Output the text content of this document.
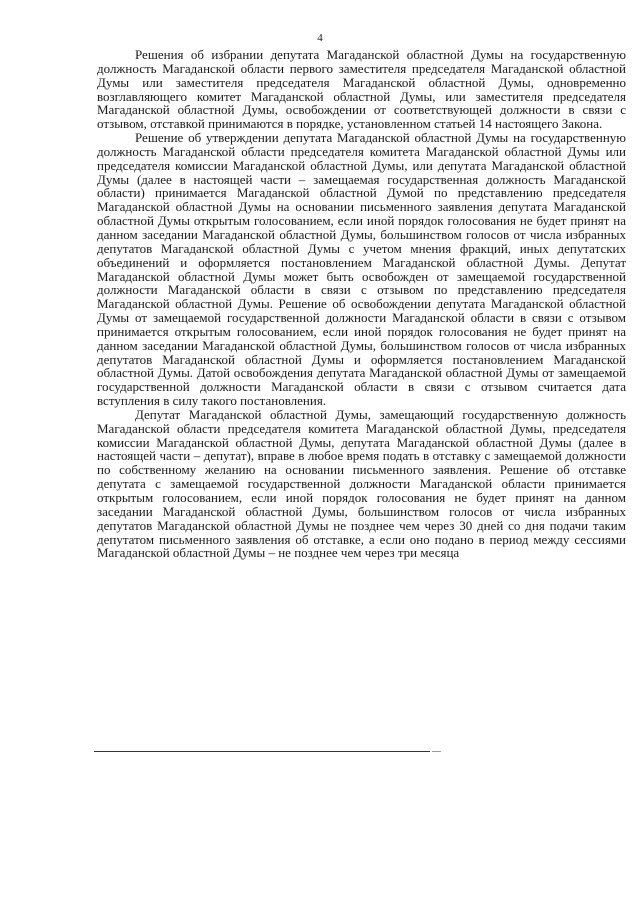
4

Решения об избрании депутата Магаданской областной Думы на государственную должность Магаданской области первого заместителя председателя Магаданской областной Думы или заместителя председателя Магаданской областной Думы, одновременно возглавляющего комитет Магаданской областной Думы, или заместителя председателя Магаданской областной Думы, освобождении от соответствующей должности в связи с отзывом, отставкой принимаются в порядке, установленном статьей 14 настоящего Закона.

Решение об утверждении депутата Магаданской областной Думы на государственную должность Магаданской области председателя комитета Магаданской областной Думы или председателя комиссии Магаданской областной Думы, или депутата Магаданской областной Думы (далее в настоящей части – замещаемая государственная должность Магаданской области) принимается Магаданской областной Думой по представлению председателя Магаданской областной Думы на основании письменного заявления депутата Магаданской областной Думы открытым голосованием, если иной порядок голосования не будет принят на данном заседании Магаданской областной Думы, большинством голосов от числа избранных депутатов Магаданской областной Думы с учетом мнения фракций, иных депутатских объединений и оформляется постановлением Магаданской областной Думы. Депутат Магаданской областной Думы может быть освобожден от замещаемой государственной должности Магаданской области в связи с отзывом по представлению председателя Магаданской областной Думы. Решение об освобождении депутата Магаданской областной Думы от замещаемой государственной должности Магаданской области в связи с отзывом принимается открытым голосованием, если иной порядок голосования не будет принят на данном заседании Магаданской областной Думы, большинством голосов от числа избранных депутатов Магаданской областной Думы и оформляется постановлением Магаданской областной Думы. Датой освобождения депутата Магаданской областной Думы от замещаемой государственной должности Магаданской области в связи с отзывом считается дата вступления в силу такого постановления.

Депутат Магаданской областной Думы, замещающий государственную должность Магаданской области председателя комитета Магаданской областной Думы, председателя комиссии Магаданской областной Думы, депутата Магаданской областной Думы (далее в настоящей части – депутат), вправе в любое время подать в отставку с замещаемой должности по собственному желанию на основании письменного заявления. Решение об отставке депутата с замещаемой государственной должности Магаданской области принимается открытым голосованием, если иной порядок голосования не будет принят на данном заседании Магаданской областной Думы, большинством голосов от числа избранных депутатов Магаданской областной Думы не позднее чем через 30 дней со дня подачи таким депутатом письменного заявления об отставке, а если оно подано в период между сессиями Магаданской областной Думы – не позднее чем через три месяца
